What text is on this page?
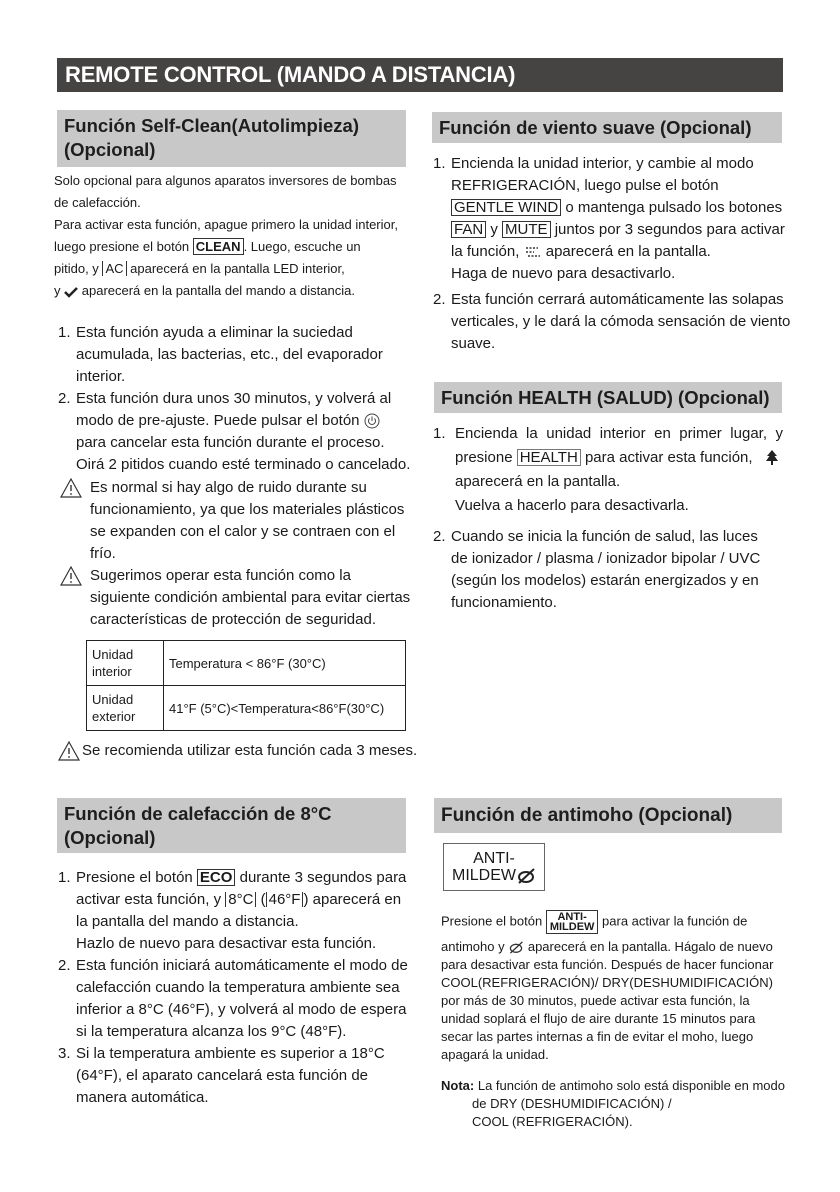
REMOTE CONTROL (MANDO A DISTANCIA)
Función Self-Clean(Autolimpieza)
(Opcional)
Solo opcional para algunos aparatos inversores de bombas
de calefacción.
Para activar esta función, apague primero la unidad interior,
luego presione el botón CLEAN . Luego, escuche un
pitido, y AC aparecerá en la pantalla LED interior,
y aparecerá en la pantalla del mando a distancia.
1. Esta función ayuda a eliminar la suciedad
acumulada, las bacterias, etc., del evaporador
interior.
2. Esta función dura unos 30 minutos, y volverá al
modo de pre-ajuste. Puede pulsar el botón
para cancelar esta función durante el proceso.
Oirá 2 pitidos cuando esté terminado o cancelado.
Es normal si hay algo de ruido durante su
funcionamiento, ya que los materiales plásticos
se expanden con el calor y se contraen con el
frío.
Sugerimos operar esta función como la
siguiente condición ambiental para evitar ciertas
características de protección de seguridad.
Unidad interior	Temperatura < 86°F (30°C)
Unidad exterior	41°F (5°C)<Temperatura<86°F(30°C)
Se recomienda utilizar esta función cada 3 meses.
Función de viento suave (Opcional)
1. Encienda la unidad interior, y cambie al modo
REFRIGERACIÓN, luego pulse el botón
GENTLE WIND o mantenga pulsado los botones
FAN y MUTE juntos por 3 segundos para activar
la función, aparecerá en la pantalla.
Haga de nuevo para desactivarlo.
2. Esta función cerrará automáticamente las solapas
verticales, y le dará la cómoda sensación de viento
suave.
Función HEALTH (SALUD) (Opcional)
1. Encienda la unidad interior en primer lugar, y
presione HEALTH para activar esta función,
aparecerá en la pantalla.
Vuelva a hacerlo para desactivarla.
2. Cuando se inicia la función de salud, las luces
de ionizador / plasma / ionizador bipolar / UVC
(según los modelos) estarán energizados y en
funcionamiento.
Función de calefacción de 8°C
(Opcional)
1. Presione el botón ECO durante 3 segundos para
activar esta función, y 8°C ( 46°F ) aparecerá en
la pantalla del mando a distancia.
Hazlo de nuevo para desactivar esta función.
2. Esta función iniciará automáticamente el modo de
calefacción cuando la temperatura ambiente sea
inferior a 8°C (46°F), y volverá al modo de espera
si la temperatura alcanza los 9°C (48°F).
3. Si la temperatura ambiente es superior a 18°C
(64°F), el aparato cancelará esta función de
manera automática.
Función de antimoho (Opcional)
ANTI-
MILDEW
Presione el botón ANTI-
MILDEW para activar la función de
antimoho y aparecerá en la pantalla. Hágalo de nuevo
para desactivar esta función. Después de hacer funcionar
COOL(REFRIGERACIÓN)/ DRY(DESHUMIDIFICACIÓN)
por más de 30 minutos, puede activar esta función, la
unidad soplará el flujo de aire durante 15 minutos para
secar las partes internas a fin de evitar el moho, luego
apagará la unidad.
Nota: La función de antimoho solo está disponible en modo
de DRY (DESHUMIDIFICACIÓN) /
COOL (REFRIGERACIÓN).
